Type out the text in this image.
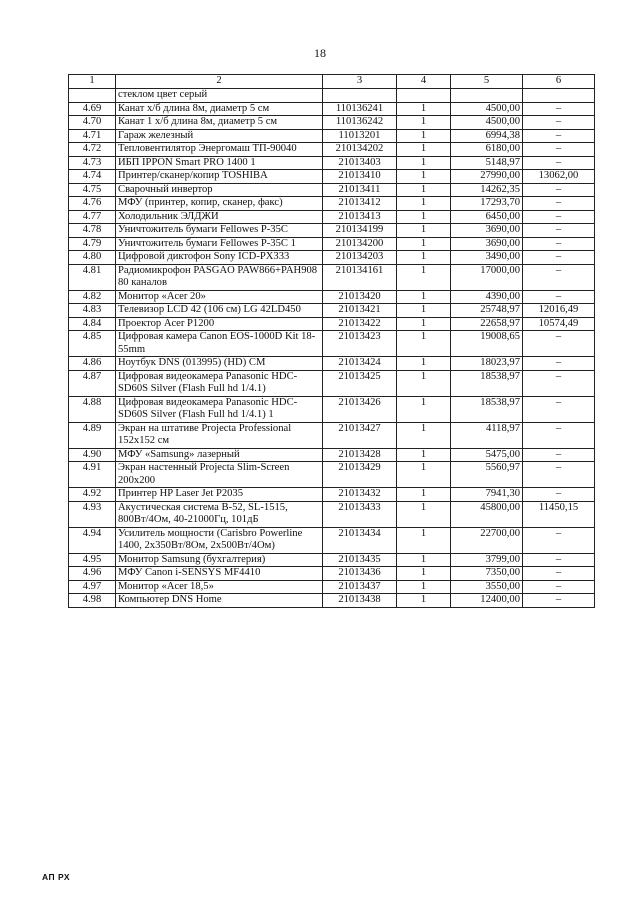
18
1	2	3	4	5	6
	стеклом цвет серый				
4.69	Канат х/б длина 8м, диаметр 5 см	110136241	1	4500,00	–
4.70	Канат 1 х/б длина 8м, диаметр 5 см	110136242	1	4500,00	–
4.71	Гараж железный	11013201	1	6994,38	–
4.72	Тепловентилятор Энергомаш ТП-90040	210134202	1	6180,00	–
4.73	ИБП IPPON Smart PRO 1400 1	21013403	1	5148,97	–
4.74	Принтер/сканер/копир TOSHIBA	21013410	1	27990,00	13062,00
4.75	Сварочный инвертор	21013411	1	14262,35	–
4.76	МФУ (принтер, копир, сканер, факс)	21013412	1	17293,70	–
4.77	Холодильник ЭЛДЖИ	21013413	1	6450,00	–
4.78	Уничтожитель бумаги Fellowes Р-35С	210134199	1	3690,00	–
4.79	Уничтожитель бумаги Fellowes Р-35С 1	210134200	1	3690,00	–
4.80	Цифровой диктофон Sony ICD-PX333	210134203	1	3490,00	–
4.81	Радиомикрофон PASGAO PAW866+PAH908 80 каналов	210134161	1	17000,00	–
4.82	Монитор «Acer 20»	21013420	1	4390,00	–
4.83	Телевизор LCD 42 (106 см) LG 42LD450	21013421	1	25748,97	12016,49
4.84	Проектор Acer P1200	21013422	1	22658,97	10574,49
4.85	Цифровая камера Canon EOS-1000D Kit 18-55mm	21013423	1	19008,65	–
4.86	Ноутбук DNS (013995) (HD) CM	21013424	1	18023,97	–
4.87	Цифровая видеокамера Panasonic HDC-SD60S Silver (Flash Full hd 1/4.1)	21013425	1	18538,97	–
4.88	Цифровая видеокамера Panasonic HDC-SD60S Silver (Flash Full hd 1/4.1) 1	21013426	1	18538,97	–
4.89	Экран на штативе Projecta Professional 152х152 см	21013427	1	4118,97	–
4.90	МФУ «Samsung» лазерный	21013428	1	5475,00	–
4.91	Экран настенный Projecta Slim-Screen 200х200	21013429	1	5560,97	–
4.92	Принтер HP Laser Jet P2035	21013432	1	7941,30	–
4.93	Акустическая система B-52, SL-1515, 800Вт/4Ом, 40-21000Гц, 101дБ	21013433	1	45800,00	11450,15
4.94	Усилитель мощности (Carisbro Powerline 1400, 2х350Вт/8Ом, 2х500Вт/4Ом)	21013434	1	22700,00	–
4.95	Монитор Samsung (бухгалтерия)	21013435	1	3799,00	–
4.96	МФУ Canon i-SENSYS MF4410	21013436	1	7350,00	–
4.97	Монитор «Acer 18,5»	21013437	1	3550,00	–
4.98	Компьютер DNS Home	21013438	1	12400,00	–
АП РХ
